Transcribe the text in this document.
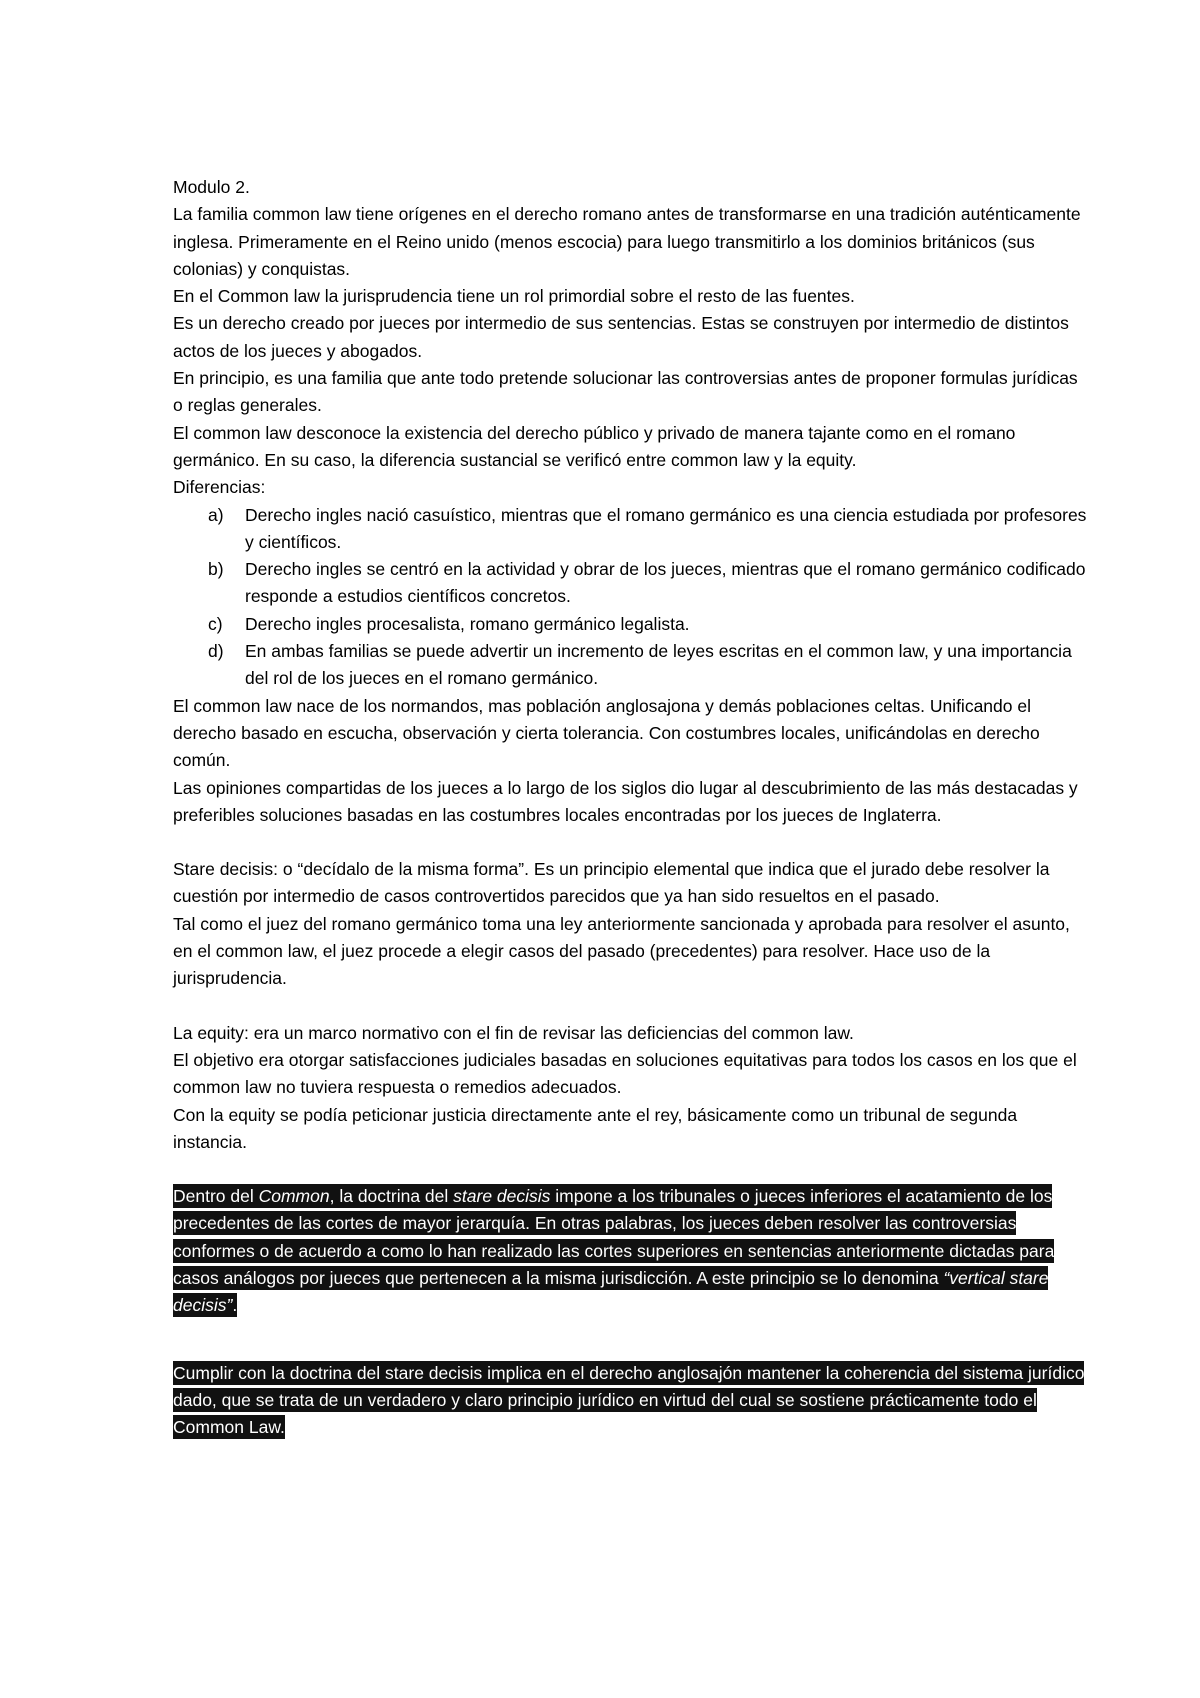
Modulo 2.

La familia common law tiene orígenes en el derecho romano antes de transformarse en una tradición auténticamente inglesa. Primeramente en el Reino unido (menos escocia) para luego transmitirlo a los dominios británicos (sus colonias) y conquistas.

En el Common law la jurisprudencia tiene un rol primordial sobre el resto de las fuentes.

Es un derecho creado por jueces por intermedio de sus sentencias. Estas se construyen por intermedio de distintos actos de los jueces y abogados.

En principio, es una familia que ante todo pretende solucionar las controversias antes de proponer formulas jurídicas o reglas generales.

El common law desconoce la existencia del derecho público y privado de manera tajante como en el romano germánico. En su caso, la diferencia sustancial se verificó entre common law y la equity.

Diferencias:

a) Derecho ingles nació casuístico, mientras que el romano germánico es una ciencia estudiada por profesores y científicos.
b) Derecho ingles se centró en la actividad y obrar de los jueces, mientras que el romano germánico codificado responde a estudios científicos concretos.
c) Derecho ingles procesalista, romano germánico legalista.
d) En ambas familias se puede advertir un incremento de leyes escritas en el common law, y una importancia del rol de los jueces en el romano germánico.

El common law nace de los normandos, mas población anglosajona y demás poblaciones celtas. Unificando el derecho basado en escucha, observación y cierta tolerancia. Con costumbres locales, unificándolas en derecho común.

Las opiniones compartidas de los jueces a lo largo de los siglos dio lugar al descubrimiento de las más destacadas y preferibles soluciones basadas en las costumbres locales encontradas por los jueces de Inglaterra.

Stare decisis: o “decídalo de la misma forma”. Es un principio elemental que indica que el jurado debe resolver la cuestión por intermedio de casos controvertidos parecidos que ya han sido resueltos en el pasado.

Tal como el juez del romano germánico toma una ley anteriormente sancionada y aprobada para resolver el asunto, en el common law, el juez procede a elegir casos del pasado (precedentes) para resolver. Hace uso de la jurisprudencia.

La equity: era un marco normativo con el fin de revisar las deficiencias del common law.

El objetivo era otorgar satisfacciones judiciales basadas en soluciones equitativas para todos los casos en los que el common law no tuviera respuesta o remedios adecuados.

Con la equity se podía peticionar justicia directamente ante el rey, básicamente como un tribunal de segunda instancia.

Dentro del Common, la doctrina del stare decisis impone a los tribunales o jueces inferiores el acatamiento de los precedentes de las cortes de mayor jerarquía. En otras palabras, los jueces deben resolver las controversias conformes o de acuerdo a como lo han realizado las cortes superiores en sentencias anteriormente dictadas para casos análogos por jueces que pertenecen a la misma jurisdicción. A este principio se lo denomina “vertical stare decisis”.

Cumplir con la doctrina del stare decisis implica en el derecho anglosajón mantener la coherencia del sistema jurídico dado, que se trata de un verdadero y claro principio jurídico en virtud del cual se sostiene prácticamente todo el Common Law.
